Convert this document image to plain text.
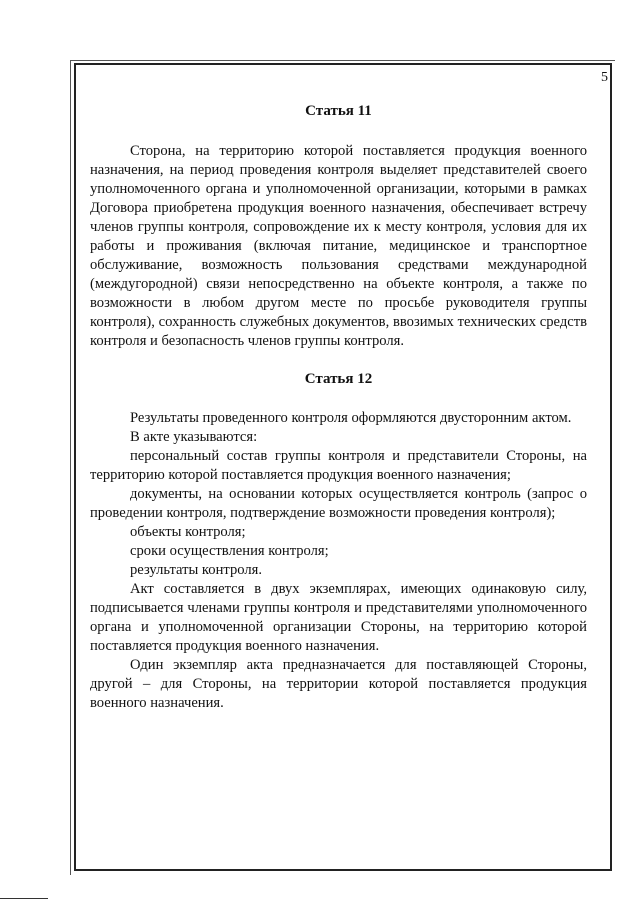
5
Статья 11

Сторона, на территорию которой поставляется продукция военного назначения, на период проведения контроля выделяет представителей своего уполномоченного органа и уполномоченной организации, которыми в рамках Договора приобретена продукция военного назначения, обеспечивает встречу членов группы контроля, сопровождение их к месту контроля, условия для их работы и проживания (включая питание, медицинское и транспортное обслуживание, возможность пользования средствами международной (междугородной) связи непосредственно на объекте контроля, а также по возможности в любом другом месте по просьбе руководителя группы контроля), сохранность служебных документов, ввозимых технических средств контроля и безопасность членов группы контроля.

Статья 12

Результаты проведенного контроля оформляются двусторонним актом.

В акте указываются:

персональный состав группы контроля и представители Стороны, на территорию которой поставляется продукция военного назначения;

документы, на основании которых осуществляется контроль (запрос о проведении контроля, подтверждение возможности проведения контроля);

объекты контроля;

сроки осуществления контроля;

результаты контроля.

Акт составляется в двух экземплярах, имеющих одинаковую силу, подписывается членами группы контроля и представителями уполномоченного органа и уполномоченной организации Стороны, на территорию которой поставляется продукция военного назначения.

Один экземпляр акта предназначается для поставляющей Стороны, другой – для Стороны, на территории которой поставляется продукция военного назначения.
